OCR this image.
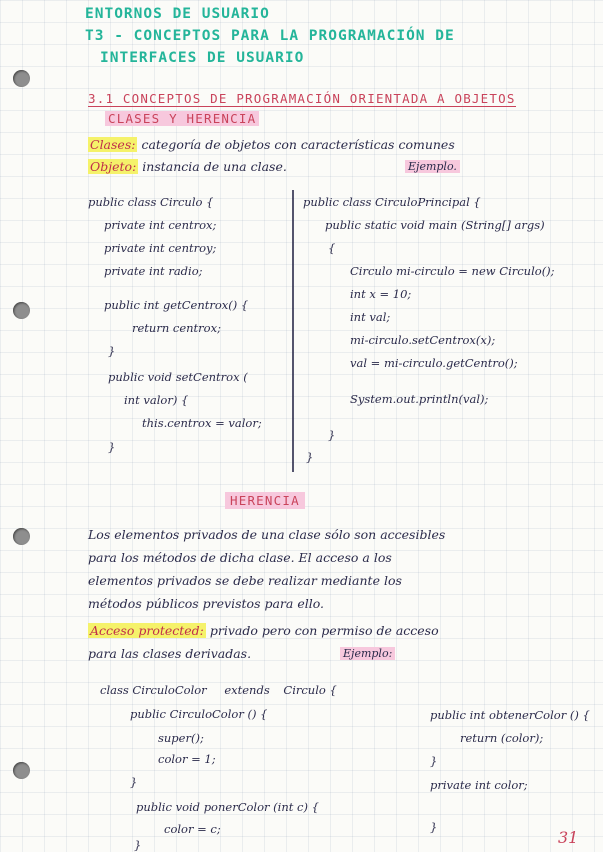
ENTORNOS DE USUARIO
T3 - CONCEPTOS PARA LA PROGRAMACIÓN DE
INTERFACES DE USUARIO
3.1 CONCEPTOS DE PROGRAMACIÓN ORIENTADA A OBJETOS
CLASES Y HERENCIA
Clases: categoría de objetos con características comunes
Objeto: instancia de una clase.	Ejemplo.
public class Circulo {
private int centrox;
private int centroy;
private int radio;
public int getCentrox() {
return centrox;
}
public void setCentrox (
int valor) {
this.centrox = valor;
}
public class CirculoPrincipal {
public static void main (String[] args)
{
Circulo mi-circulo = new Circulo();
int x = 10;
int val;
mi-circulo.setCentrox(x);
val = mi-circulo.getCentro();
System.out.println(val);
}
}
HERENCIA
Los elementos privados de una clase sólo son accesibles
para los métodos de dicha clase. El acceso a los
elementos privados se debe realizar mediante los
métodos públicos previstos para ello.
Acceso protected: privado pero con permiso de acceso
para las clases derivadas.	Ejemplo:
class CirculoColor extends Circulo {
public CirculoColor () {
super();
color = 1;
}
public void ponerColor (int c) {
color = c;
}
public int obtenerColor () {
return (color);
}
private int color;
}
31
